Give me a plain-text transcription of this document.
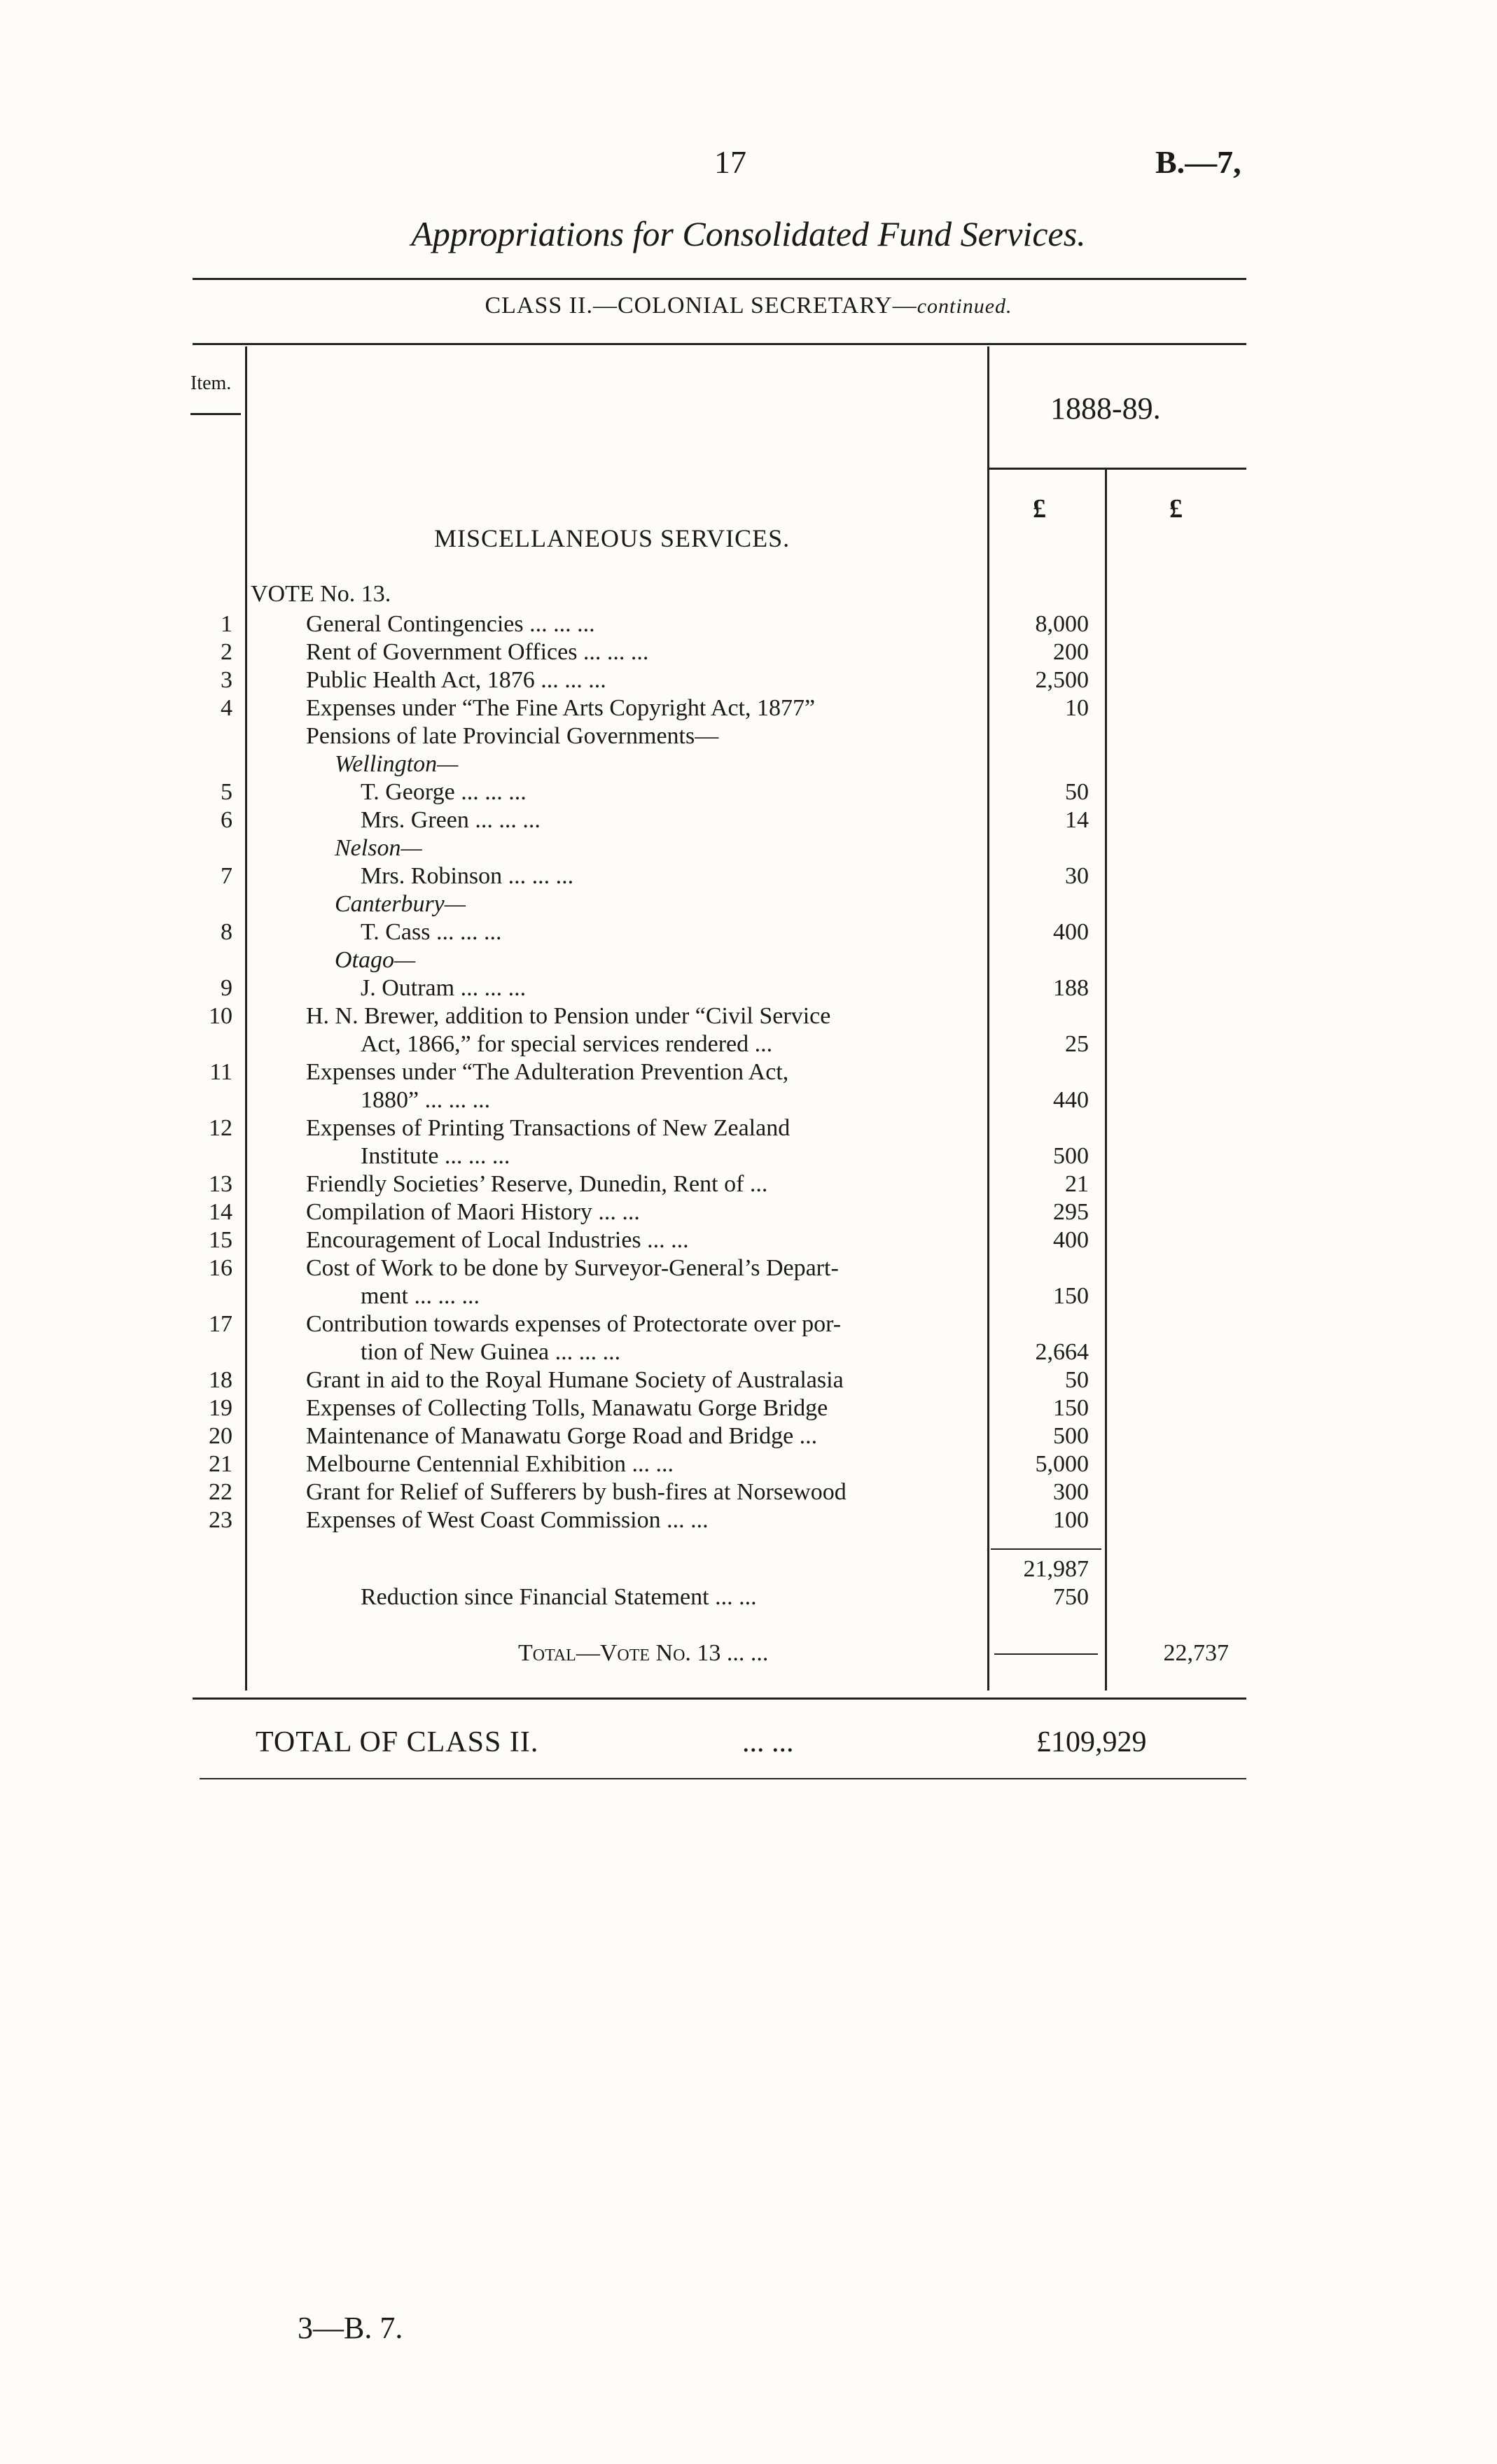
17	B.—7,
Appropriations for Consolidated Fund Services.
CLASS II.—COLONIAL SECRETARY—continued.
Item.
1888-89.
£	£
MISCELLANEOUS SERVICES.
VOTE No. 13.
1	General Contingencies ... ... ...	8,000
2	Rent of Government Offices ... ... ...	200
3	Public Health Act, 1876 ... ... ...	2,500
4	Expenses under “The Fine Arts Copyright Act, 1877”	10
Pensions of late Provincial Governments—
Wellington—
5	T. George ... ... ...	50
6	Mrs. Green ... ... ...	14
Nelson—
7	Mrs. Robinson ... ... ...	30
Canterbury—
8	T. Cass ... ... ...	400
Otago—
9	J. Outram ... ... ...	188
10	H. N. Brewer, addition to Pension under “Civil Service
Act, 1866,” for special services rendered ...	25
11	Expenses under “The Adulteration Prevention Act,
1880” ... ... ...	440
12	Expenses of Printing Transactions of New Zealand
Institute ... ... ...	500
13	Friendly Societies’ Reserve, Dunedin, Rent of ...	21
14	Compilation of Maori History ... ...	295
15	Encouragement of Local Industries ... ...	400
16	Cost of Work to be done by Surveyor-General’s Depart-
ment ... ... ...	150
17	Contribution towards expenses of Protectorate over por-
tion of New Guinea ... ... ...	2,664
18	Grant in aid to the Royal Humane Society of Australasia	50
19	Expenses of Collecting Tolls, Manawatu Gorge Bridge	150
20	Maintenance of Manawatu Gorge Road and Bridge ...	500
21	Melbourne Centennial Exhibition ... ...	5,000
22	Grant for Relief of Sufferers by bush-fires at Norsewood	300
23	Expenses of West Coast Commission ... ...	100
21,987
Reduction since Financial Statement ... ...	750
Total—Vote No. 13 ... ...	22,737
TOTAL OF CLASS II.	... ...	£109,929
3—B. 7.
